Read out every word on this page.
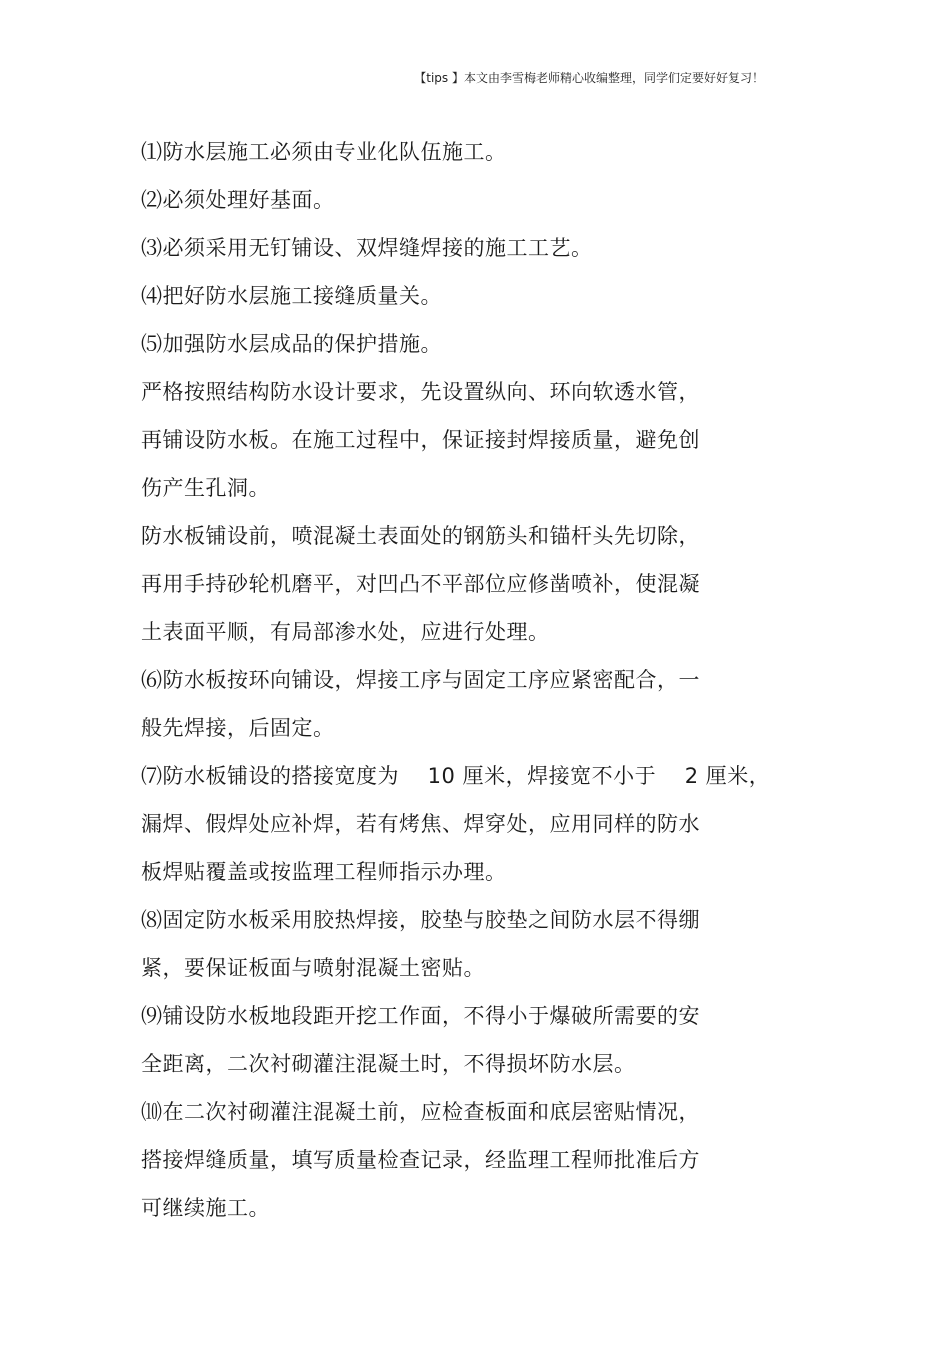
【tips 】本文由李雪梅老师精心收编整理，同学们定要好好复习！
⑴防水层施工必须由专业化队伍施工。
⑵必须处理好基面。
⑶必须采用无钉铺设、双焊缝焊接的施工工艺。
⑷把好防水层施工接缝质量关。
⑸加强防水层成品的保护措施。
严格按照结构防水设计要求，先设置纵向、环向软透水管，
再铺设防水板。在施工过程中，保证接封焊接质量，避免创
伤产生孔洞。
防水板铺设前，喷混凝土表面处的钢筋头和锚杆头先切除，
再用手持砂轮机磨平，对凹凸不平部位应修凿喷补，使混凝
土表面平顺，有局部渗水处，应进行处理。
⑹防水板按环向铺设，焊接工序与固定工序应紧密配合，一
般先焊接，后固定。
⑺防水板铺设的搭接宽度为　 10 厘米，焊接宽不小于　 2 厘米，
漏焊、假焊处应补焊，若有烤焦、焊穿处，应用同样的防水
板焊贴覆盖或按监理工程师指示办理。
⑻固定防水板采用胶热焊接，胶垫与胶垫之间防水层不得绷
紧，要保证板面与喷射混凝土密贴。
⑼铺设防水板地段距开挖工作面，不得小于爆破所需要的安
全距离，二次衬砌灌注混凝土时，不得损坏防水层。
⑽在二次衬砌灌注混凝土前，应检查板面和底层密贴情况，
搭接焊缝质量，填写质量检查记录，经监理工程师批准后方
可继续施工。
